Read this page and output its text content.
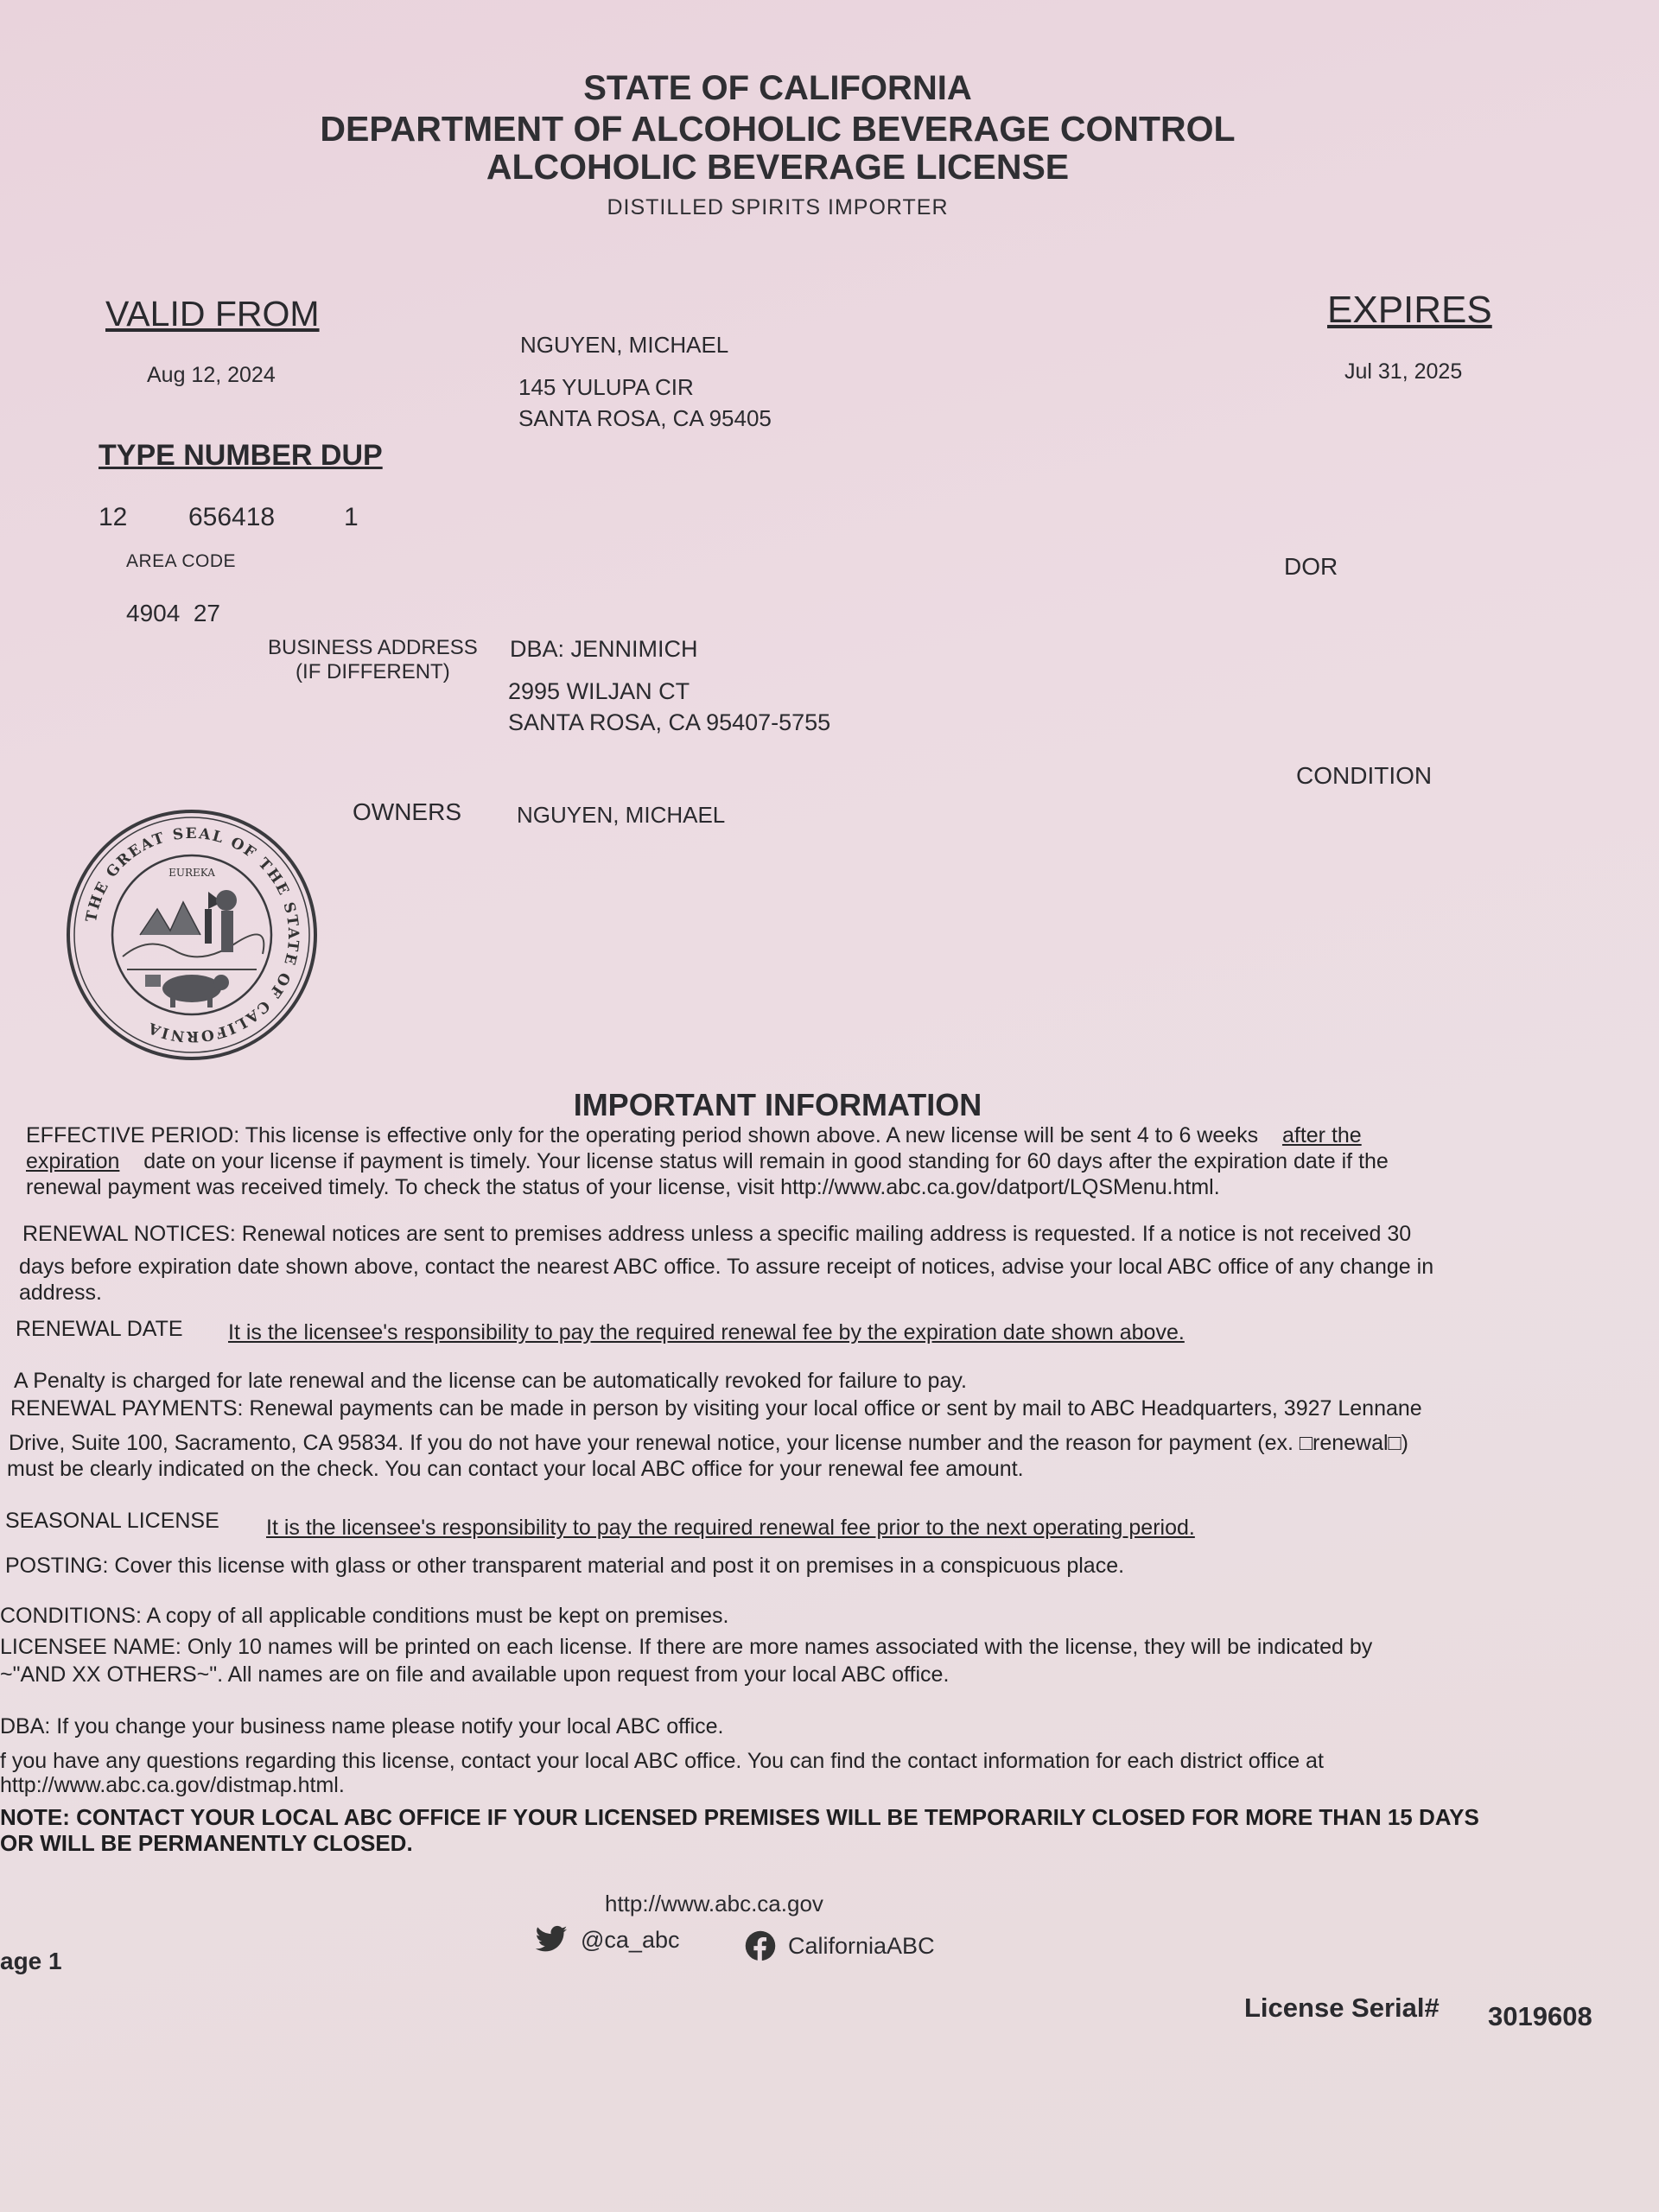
STATE OF CALIFORNIA
DEPARTMENT OF ALCOHOLIC BEVERAGE CONTROL
ALCOHOLIC BEVERAGE LICENSE
DISTILLED SPIRITS IMPORTER
VALID FROM
Aug 12, 2024
EXPIRES
Jul 31, 2025
NGUYEN, MICHAEL
145 YULUPA CIR
SANTA ROSA, CA 95405
TYPE NUMBER DUP
12 656418	1
AREA CODE
4904 27
DOR
BUSINESS ADDRESS
(IF DIFFERENT)
DBA: JENNIMICH
2995 WILJAN CT
SANTA ROSA, CA 95407-5755
CONDITION
OWNERS NGUYEN, MICHAEL
THE GREAT SEAL OF THE STATE OF CALIFORNIA
EUREKA
IMPORTANT INFORMATION
EFFECTIVE PERIOD: This license is effective only for the operating period shown above. A new license will be sent 4 to 6 weeks after the
expiration date on your license if payment is timely. Your license status will remain in good standing for 60 days after the expiration date if the
renewal payment was received timely. To check the status of your license, visit http://www.abc.ca.gov/datport/LQSMenu.html.
RENEWAL NOTICES: Renewal notices are sent to premises address unless a specific mailing address is requested. If a notice is not received 30
days before expiration date shown above, contact the nearest ABC office. To assure receipt of notices, advise your local ABC office of any change in
address.
RENEWAL DATE It is the licensee's responsibility to pay the required renewal fee by the expiration date shown above.
A Penalty is charged for late renewal and the license can be automatically revoked for failure to pay.
RENEWAL PAYMENTS: Renewal payments can be made in person by visiting your local office or sent by mail to ABC Headquarters, 3927 Lennane
Drive, Suite 100, Sacramento, CA 95834. If you do not have your renewal notice, your license number and the reason for payment (ex. □renewal□)
must be clearly indicated on the check. You can contact your local ABC office for your renewal fee amount.
SEASONAL LICENSE It is the licensee's responsibility to pay the required renewal fee prior to the next operating period.
POSTING: Cover this license with glass or other transparent material and post it on premises in a conspicuous place.
CONDITIONS: A copy of all applicable conditions must be kept on premises.
LICENSEE NAME: Only 10 names will be printed on each license. If there are more names associated with the license, they will be indicated by
~"AND XX OTHERS~". All names are on file and available upon request from your local ABC office.
DBA: If you change your business name please notify your local ABC office.
f you have any questions regarding this license, contact your local ABC office. You can find the contact information for each district office at
http://www.abc.ca.gov/distmap.html.
NOTE: CONTACT YOUR LOCAL ABC OFFICE IF YOUR LICENSED PREMISES WILL BE TEMPORARILY CLOSED FOR MORE THAN 15 DAYS
OR WILL BE PERMANENTLY CLOSED.
http://www.abc.ca.gov
@ca_abc	CaliforniaABC
age 1
License Serial# 3019608
